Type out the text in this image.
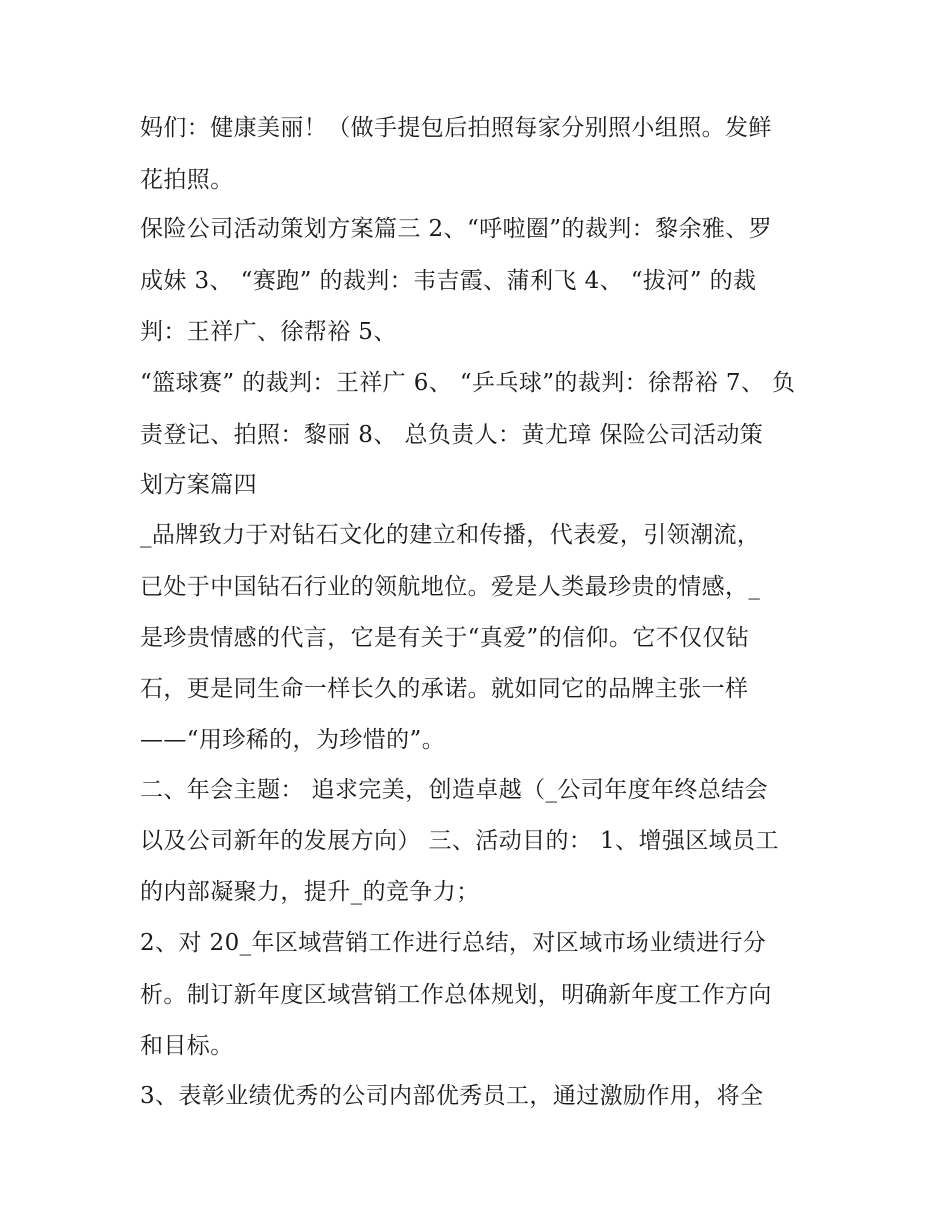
妈们：健康美丽！（做手提包后拍照每家分别照小组照。发鲜
花拍照。
保险公司活动策划方案篇三 2、“呼啦圈”的裁判：黎余雅、罗
成妹 3、 “赛跑” 的裁判：韦吉霞、蒲利飞 4、 “拔河” 的裁
判：王祥广、徐帮裕 5、
“篮球赛” 的裁判：王祥广 6、 “乒乓球”的裁判：徐帮裕 7、 负
责登记、拍照：黎丽 8、 总负责人：黄尤璋 保险公司活动策
划方案篇四
_品牌致力于对钻石文化的建立和传播，代表爱，引领潮流，
已处于中国钻石行业的领航地位。爱是人类最珍贵的情感，_
是珍贵情感的代言，它是有关于“真爱”的信仰。它不仅仅钻
石，更是同生命一样长久的承诺。就如同它的品牌主张一样
——“用珍稀的，为珍惜的”。
二、年会主题： 追求完美，创造卓越（_公司年度年终总结会
以及公司新年的发展方向） 三、活动目的： 1、增强区域员工
的内部凝聚力，提升_的竞争力；
2、对 20_年区域营销工作进行总结，对区域市场业绩进行分
析。制订新年度区域营销工作总体规划，明确新年度工作方向
和目标。
3、表彰业绩优秀的公司内部优秀员工，通过激励作用，将全
